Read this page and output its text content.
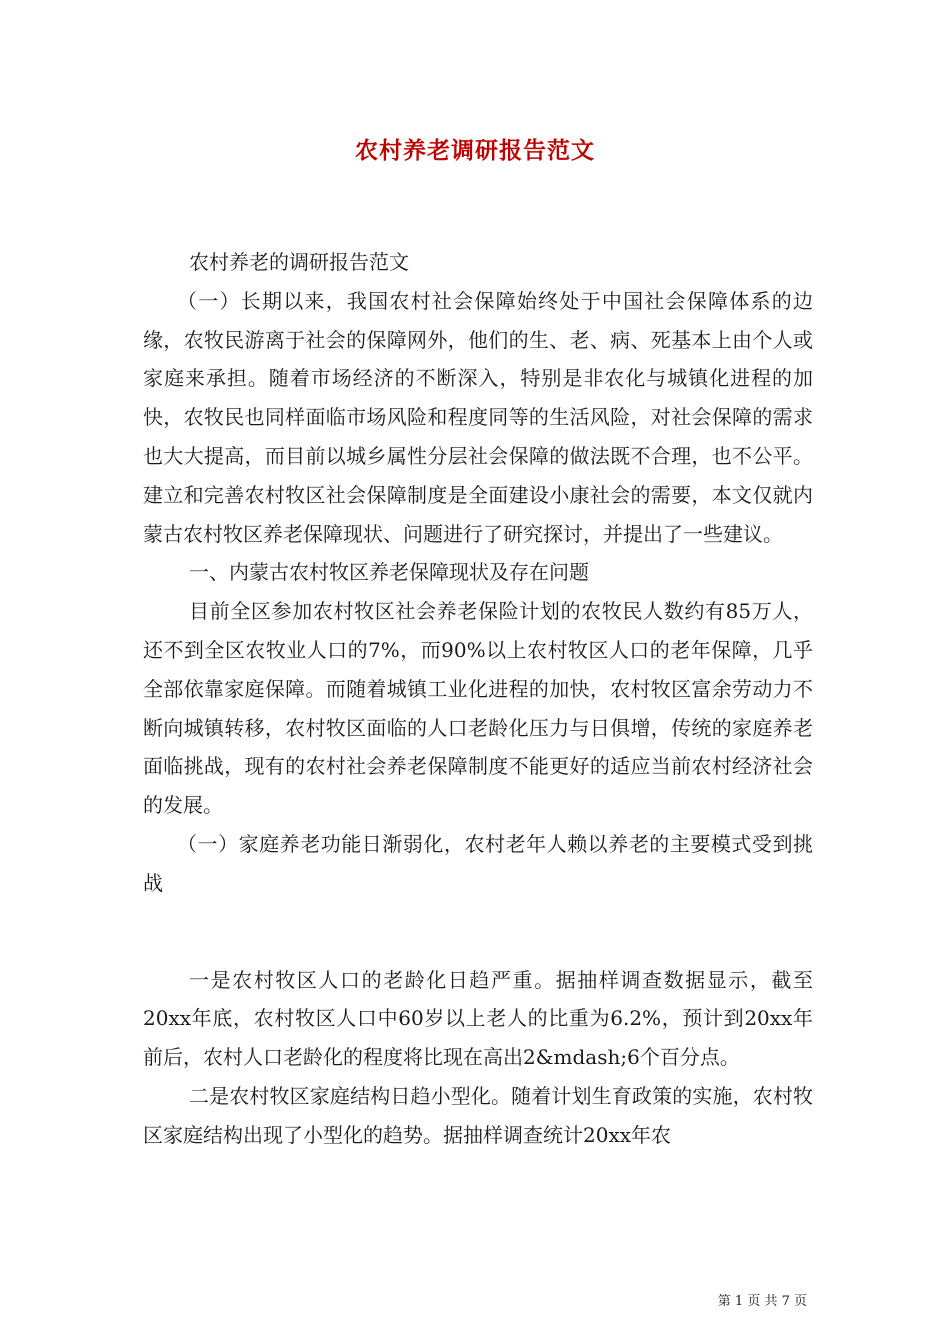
农村养老调研报告范文

农村养老的调研报告范文

（一）长期以来，我国农村社会保障始终处于中国社会保障体系的边缘，农牧民游离于社会的保障网外，他们的生、老、病、死基本上由个人或家庭来承担。随着市场经济的不断深入，特别是非农化与城镇化进程的加快，农牧民也同样面临市场风险和程度同等的生活风险，对社会保障的需求也大大提高，而目前以城乡属性分层社会保障的做法既不合理，也不公平。建立和完善农村牧区社会保障制度是全面建设小康社会的需要，本文仅就内蒙古农村牧区养老保障现状、问题进行了研究探讨，并提出了一些建议。

一、内蒙古农村牧区养老保障现状及存在问题

目前全区参加农村牧区社会养老保险计划的农牧民人数约有85万人，还不到全区农牧业人口的7%，而90%以上农村牧区人口的老年保障，几乎全部依靠家庭保障。而随着城镇工业化进程的加快，农村牧区富余劳动力不断向城镇转移，农村牧区面临的人口老龄化压力与日俱增，传统的家庭养老面临挑战，现有的农村社会养老保障制度不能更好的适应当前农村经济社会的发展。

（一）家庭养老功能日渐弱化，农村老年人赖以养老的主要模式受到挑战

一是农村牧区人口的老龄化日趋严重。据抽样调查数据显示，截至20xx年底，农村牧区人口中60岁以上老人的比重为6.2%，预计到20xx年前后，农村人口老龄化的程度将比现在高出2&mdash;6个百分点。

二是农村牧区家庭结构日趋小型化。随着计划生育政策的实施，农村牧区家庭结构出现了小型化的趋势。据抽样调查统计20xx年农

第 1 页 共 7 页
